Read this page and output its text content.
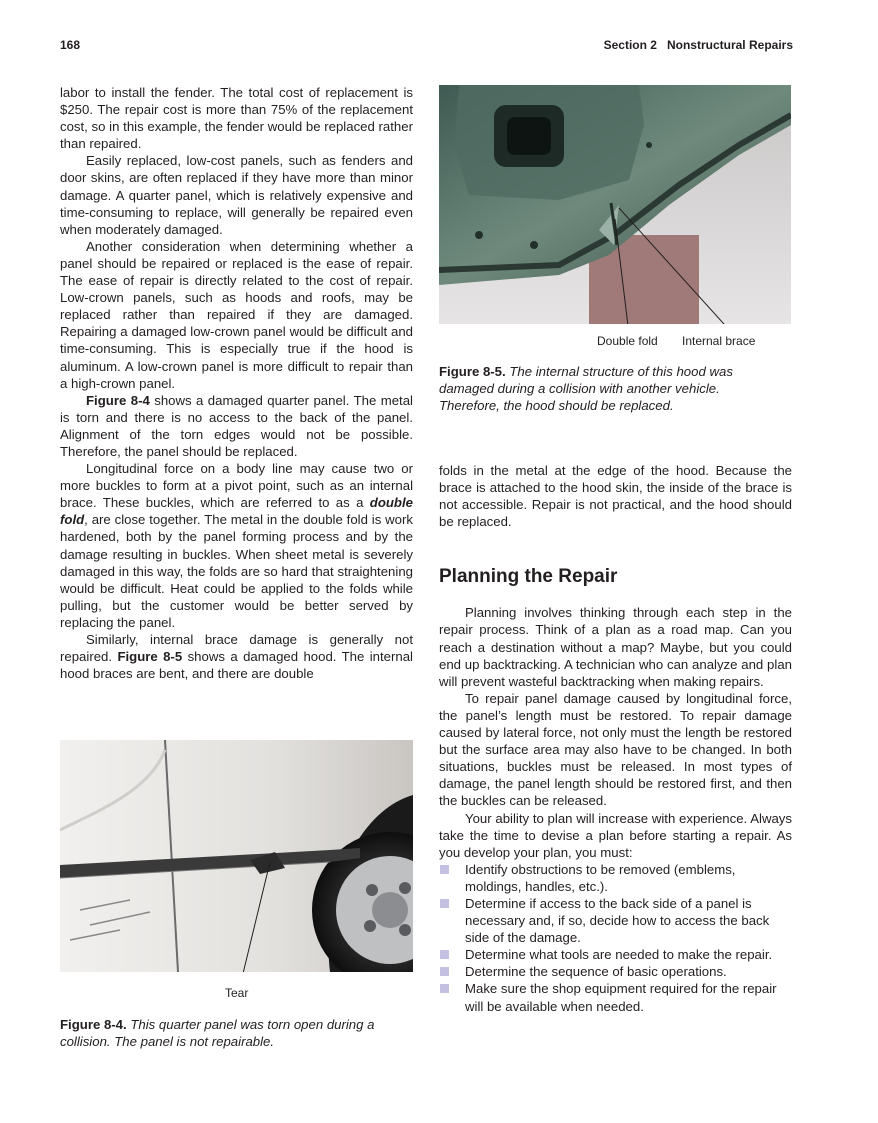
168	Section 2 Nonstructural Repairs

labor to install the fender. The total cost of replacement is $250. The repair cost is more than 75% of the replacement cost, so in this example, the fender would be replaced rather than repaired.

Easily replaced, low-cost panels, such as fenders and door skins, are often replaced if they have more than minor damage. A quarter panel, which is relatively expensive and time-consuming to replace, will generally be repaired even when moderately damaged.

Another consideration when determining whether a panel should be repaired or replaced is the ease of repair. The ease of repair is directly related to the cost of repair. Low-crown panels, such as hoods and roofs, may be replaced rather than repaired if they are damaged. Repairing a damaged low-crown panel would be difficult and time-consuming. This is especially true if the hood is aluminum. A low-crown panel is more difficult to repair than a high-crown panel.

Figure 8-4 shows a damaged quarter panel. The metal is torn and there is no access to the back of the panel. Alignment of the torn edges would not be possible. Therefore, the panel should be replaced.

Longitudinal force on a body line may cause two or more buckles to form at a pivot point, such as an internal brace. These buckles, which are referred to as a double fold, are close together. The metal in the double fold is work hardened, both by the panel forming process and by the damage resulting in buckles. When sheet metal is severely damaged in this way, the folds are so hard that straightening would be difficult. Heat could be applied to the folds while pulling, but the customer would be better served by replacing the panel.

Similarly, internal brace damage is generally not repaired. Figure 8-5 shows a damaged hood. The internal hood braces are bent, and there are double

Double fold Internal brace
Figure 8-5. The internal structure of this hood was damaged during a collision with another vehicle. Therefore, the hood should be replaced.
Tear
Figure 8-4. This quarter panel was torn open during a collision. The panel is not repairable.

folds in the metal at the edge of the hood. Because the brace is attached to the hood skin, the inside of the brace is not accessible. Repair is not practical, and the hood should be replaced.

Planning the Repair

Planning involves thinking through each step in the repair process. Think of a plan as a road map. Can you reach a destination without a map? Maybe, but you could end up backtracking. A technician who can analyze and plan will prevent wasteful backtracking when making repairs.

To repair panel damage caused by longitudinal force, the panel’s length must be restored. To repair damage caused by lateral force, not only must the length be restored but the surface area may also have to be changed. In both situations, buckles must be released. In most types of damage, the panel length should be restored first, and then the buckles can be released.

Your ability to plan will increase with experience. Always take the time to devise a plan before starting a repair. As you develop your plan, you must:

Identify obstructions to be removed (emblems, moldings, handles, etc.).
Determine if access to the back side of a panel is necessary and, if so, decide how to access the back side of the damage.
Determine what tools are needed to make the repair.
Determine the sequence of basic operations.
Make sure the shop equipment required for the repair will be available when needed.
